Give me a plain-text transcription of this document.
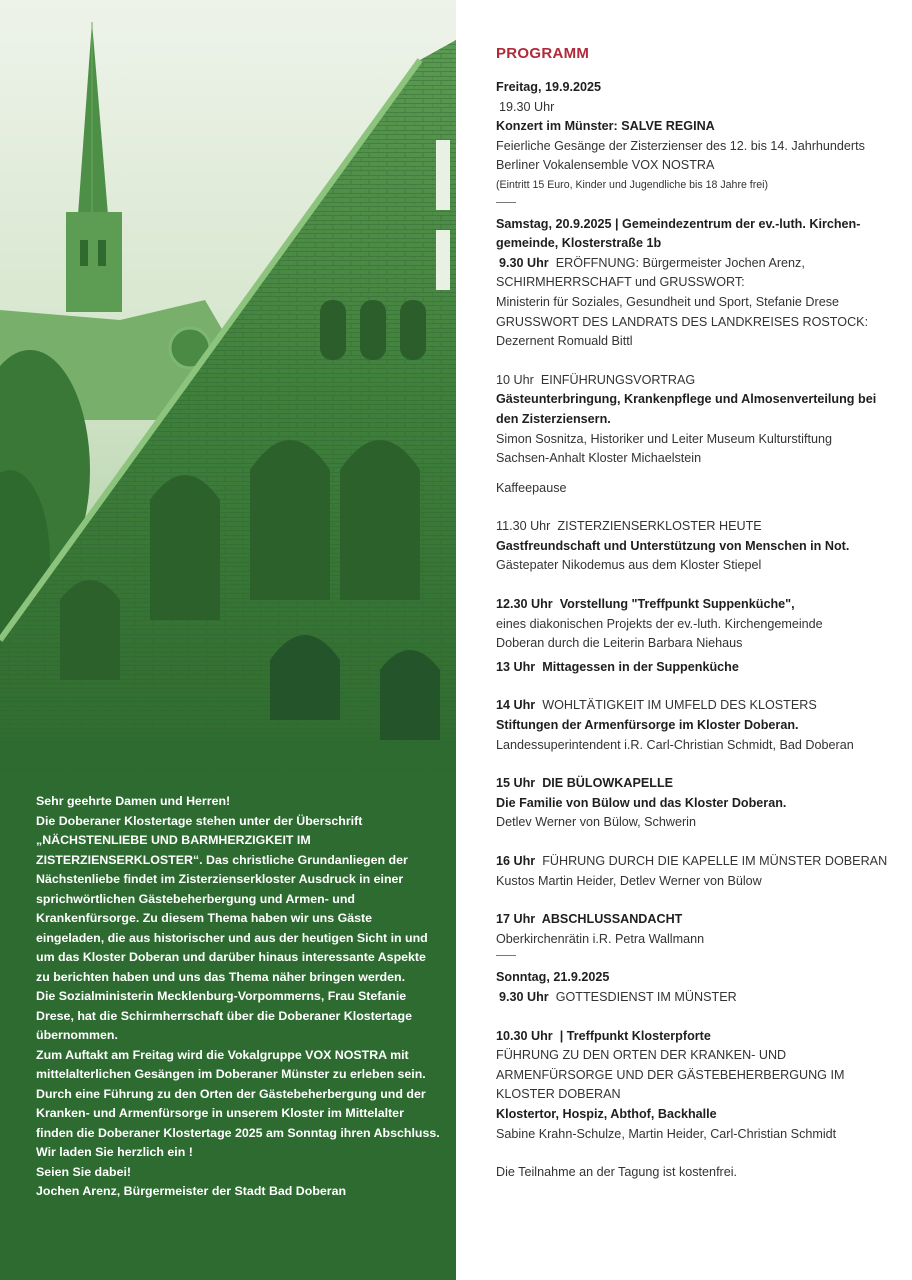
Sehr geehrte Damen und Herren!

Die Doberaner Klostertage stehen unter der Überschrift „NÄCHSTENLIEBE UND BARMHERZIGKEIT IM ZISTERZIENSERKLOSTER“. Das christliche Grundanliegen der Nächstenliebe findet im Zisterzienserkloster Ausdruck in einer sprichwörtlichen Gästebeherbergung und Armen- und Krankenfürsorge. Zu diesem Thema haben wir uns Gäste eingeladen, die aus historischer und aus der heutigen Sicht in und um das Kloster Doberan und darüber hinaus interessante Aspekte zu berichten haben und uns das Thema näher bringen werden.

Die Sozialministerin Mecklenburg-Vorpommerns, Frau Stefanie Drese, hat die Schirmherrschaft über die Doberaner Klostertage übernommen.

Zum Auftakt am Freitag wird die Vokalgruppe VOX NOSTRA mit mittelalterlichen Gesängen im Doberaner Münster zu erleben sein.

Durch eine Führung zu den Orten der Gästebeherbergung und der Kranken- und Armenfürsorge in unserem Kloster im Mittelalter finden die Doberaner Klostertage 2025 am Sonntag ihren Abschluss.

Wir laden Sie herzlich ein !

Seien Sie dabei!

Jochen Arenz, Bürgermeister der Stadt Bad Doberan

PROGRAMM
Freitag, 19.9.2025
19.30 Uhr
Konzert im Münster: SALVE REGINA
Feierliche Gesänge der Zisterzienser des 12. bis 14. Jahrhunderts
Berliner Vokalensemble VOX NOSTRA
(Eintritt 15 Euro, Kinder und Jugendliche bis 18 Jahre frei)
Samstag, 20.9.2025 | Gemeindezentrum der ev.-luth. Kirchen-
gemeinde, Klosterstraße 1b
9.30 Uhr ERÖFFNUNG: Bürgermeister Jochen Arenz,
SCHIRMHERRSCHAFT und GRUSSWORT:
Ministerin für Soziales, Gesundheit und Sport, Stefanie Drese
GRUSSWORT DES LANDRATS DES LANDKREISES ROSTOCK:
Dezernent Romuald Bittl
10 Uhr EINFÜHRUNGSVORTRAG
Gästeunterbringung, Krankenpflege und Almosenverteilung bei
den Zisterziensern.
Simon Sosnitza, Historiker und Leiter Museum Kulturstiftung
Sachsen-Anhalt Kloster Michaelstein
Kaffeepause
11.30 Uhr ZISTERZIENSERKLOSTER HEUTE
Gastfreundschaft und Unterstützung von Menschen in Not.
Gästepater Nikodemus aus dem Kloster Stiepel
12.30 Uhr Vorstellung "Treffpunkt Suppenküche",
eines diakonischen Projekts der ev.-luth. Kirchengemeinde
Doberan durch die Leiterin Barbara Niehaus
13 Uhr Mittagessen in der Suppenküche
14 Uhr WOHLTÄTIGKEIT IM UMFELD DES KLOSTERS
Stiftungen der Armenfürsorge im Kloster Doberan.
Landessuperintendent i.R. Carl-Christian Schmidt, Bad Doberan
15 Uhr DIE BÜLOWKAPELLE
Die Familie von Bülow und das Kloster Doberan.
Detlev Werner von Bülow, Schwerin
16 Uhr FÜHRUNG DURCH DIE KAPELLE IM MÜNSTER DOBERAN
Kustos Martin Heider, Detlev Werner von Bülow
17 Uhr ABSCHLUSSANDACHT
Oberkirchenrätin i.R. Petra Wallmann
Sonntag, 21.9.2025
9.30 Uhr GOTTESDIENST IM MÜNSTER
10.30 Uhr | Treffpunkt Klosterpforte
FÜHRUNG ZU DEN ORTEN DER KRANKEN- UND
ARMENFÜRSORGE UND DER GÄSTEBEHERBERGUNG IM
KLOSTER DOBERAN
Klostertor, Hospiz, Abthof, Backhalle
Sabine Krahn-Schulze, Martin Heider, Carl-Christian Schmidt
Die Teilnahme an der Tagung ist kostenfrei.
